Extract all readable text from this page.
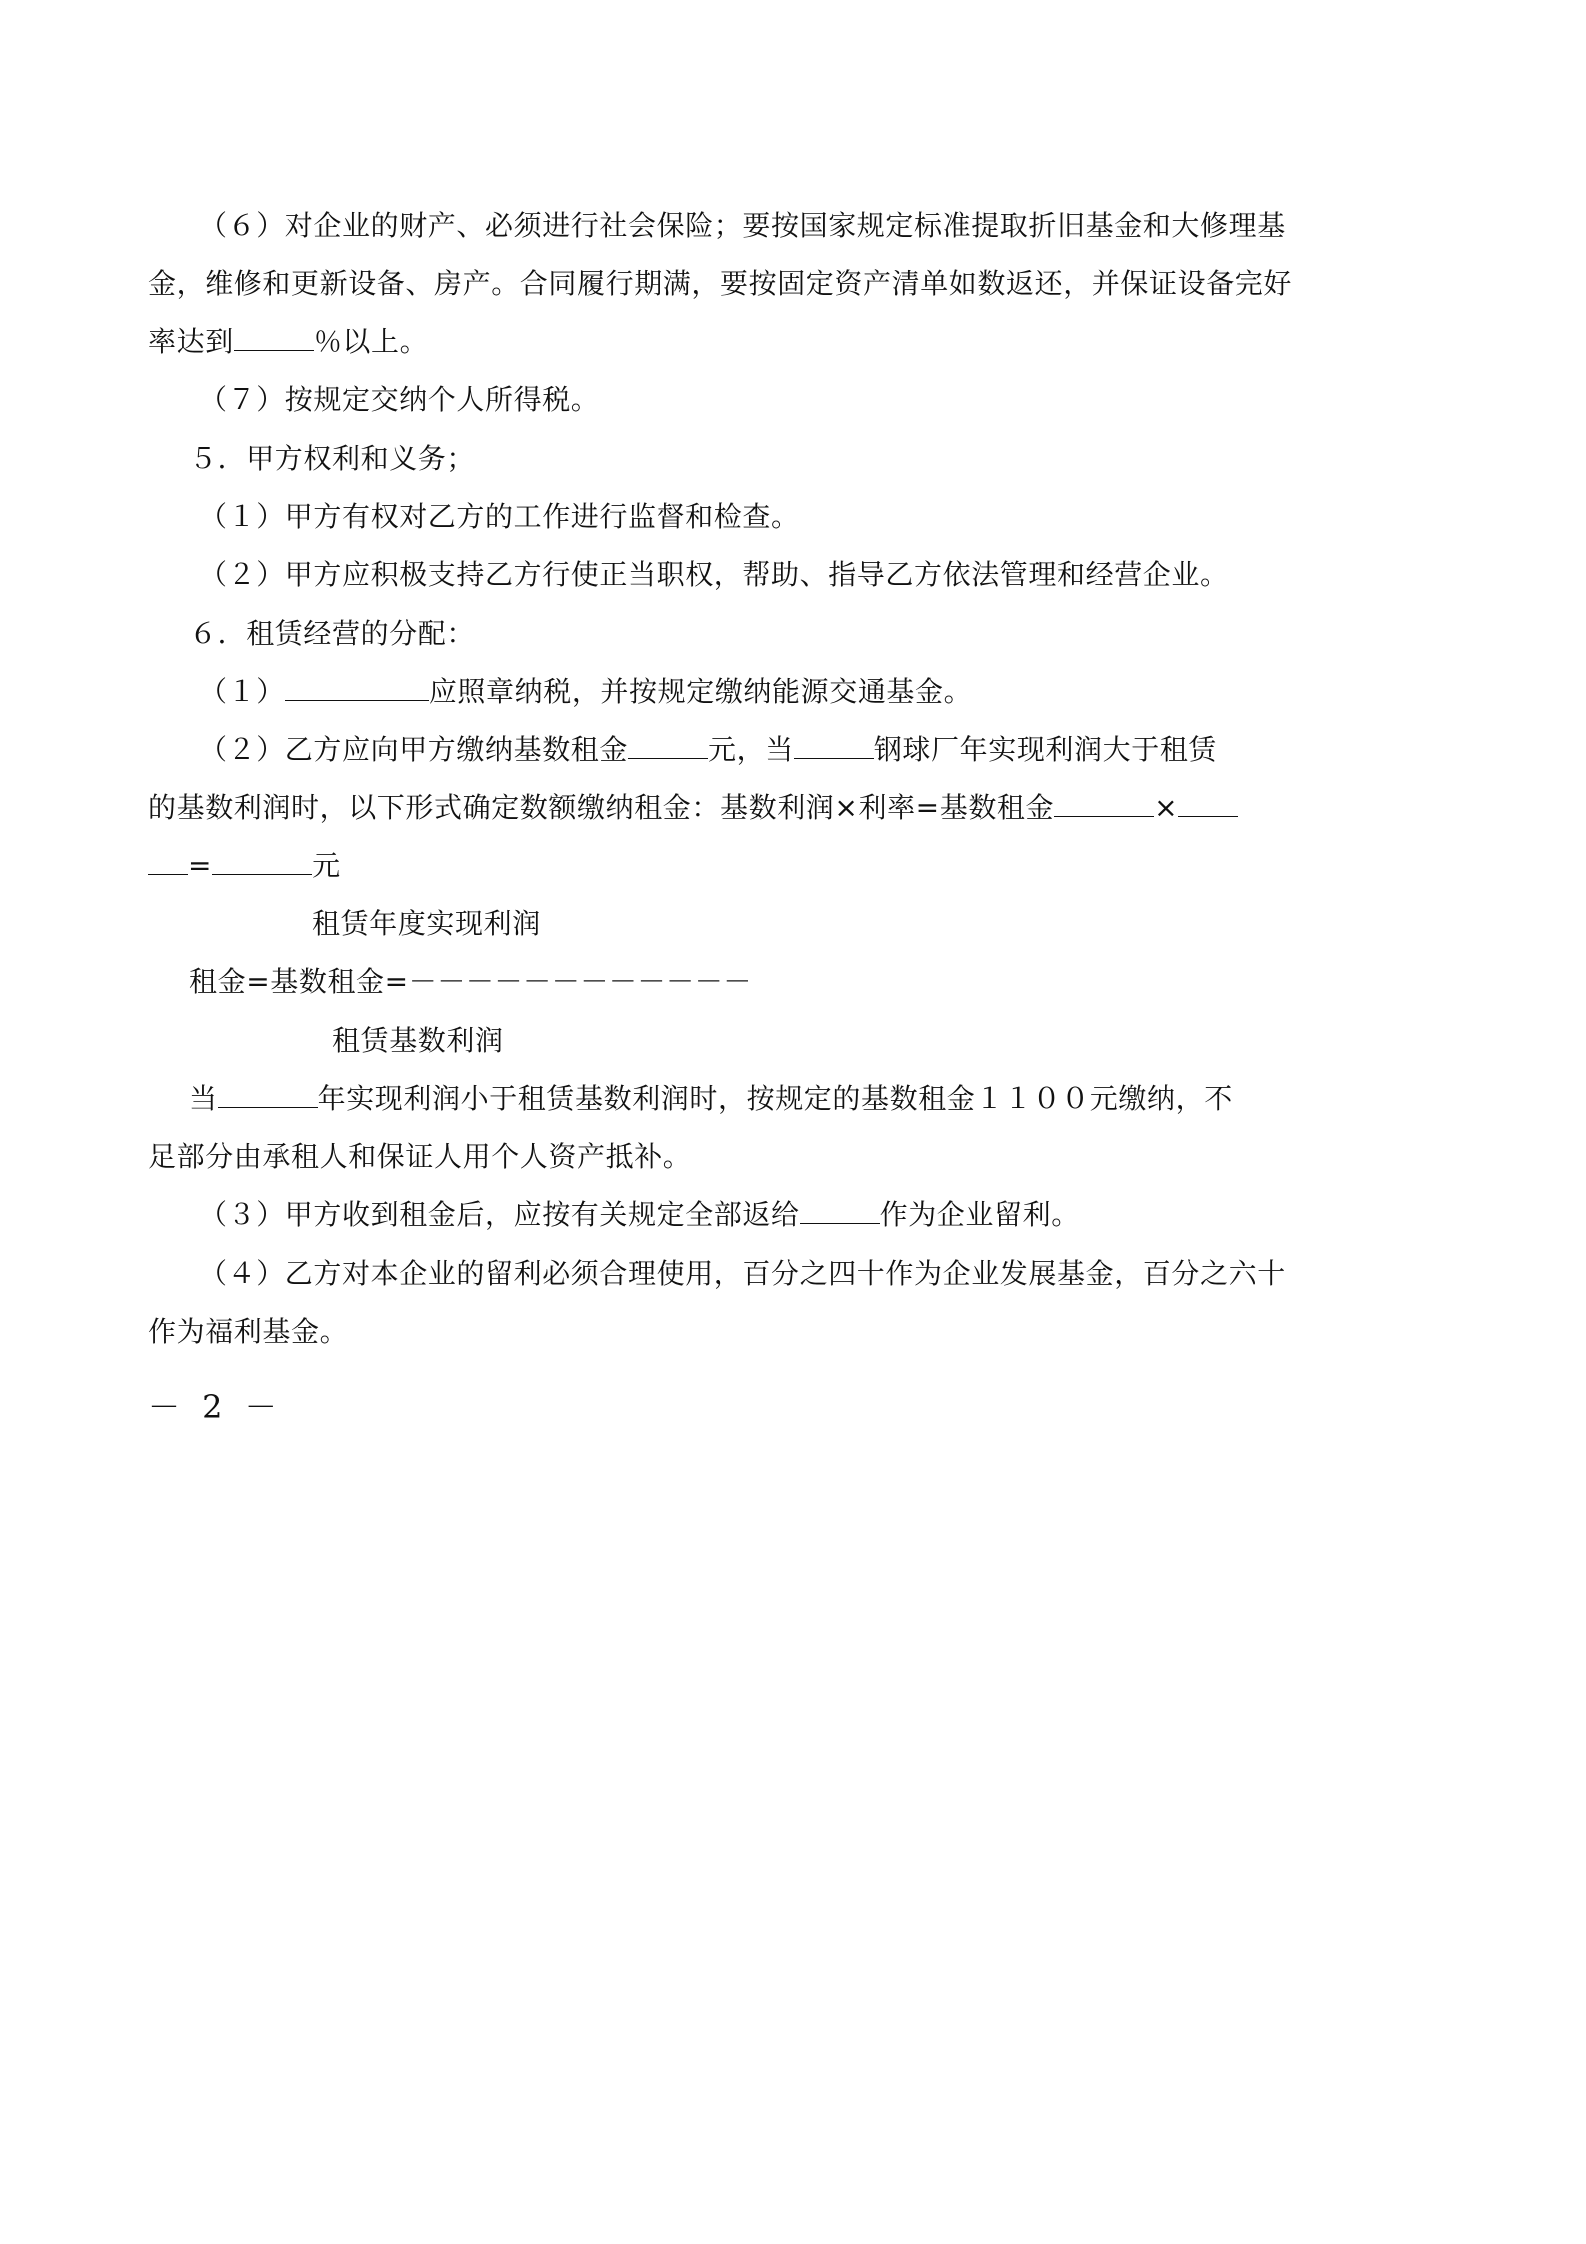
（６）对企业的财产、必须进行社会保险；要按国家规定标准提取折旧基金和大修理基
金，维修和更新设备、房产。合同履行期满，要按固定资产清单如数返还，并保证设备完好
率达到	％以上。
（７）按规定交纳个人所得税。
５．甲方权利和义务；
（１）甲方有权对乙方的工作进行监督和检查。
（２）甲方应积极支持乙方行使正当职权，帮助、指导乙方依法管理和经营企业。
６．租赁经营的分配：
（１）	应照章纳税，并按规定缴纳能源交通基金。
（２）乙方应向甲方缴纳基数租金	元，当	钢球厂年实现利润大于租赁
的基数利润时，以下形式确定数额缴纳租金：基数利润×利率=基数租金	×
=	元
租赁年度实现利润
租金=基数租金=－－－－－－－－－－－－
租赁基数利润
当	年实现利润小于租赁基数利润时，按规定的基数租金１１００元缴纳，不
足部分由承租人和保证人用个人资产抵补。
（３）甲方收到租金后，应按有关规定全部返给	作为企业留利。
（４）乙方对本企业的留利必须合理使用，百分之四十作为企业发展基金，百分之六十
作为福利基金。
－ 2 －
